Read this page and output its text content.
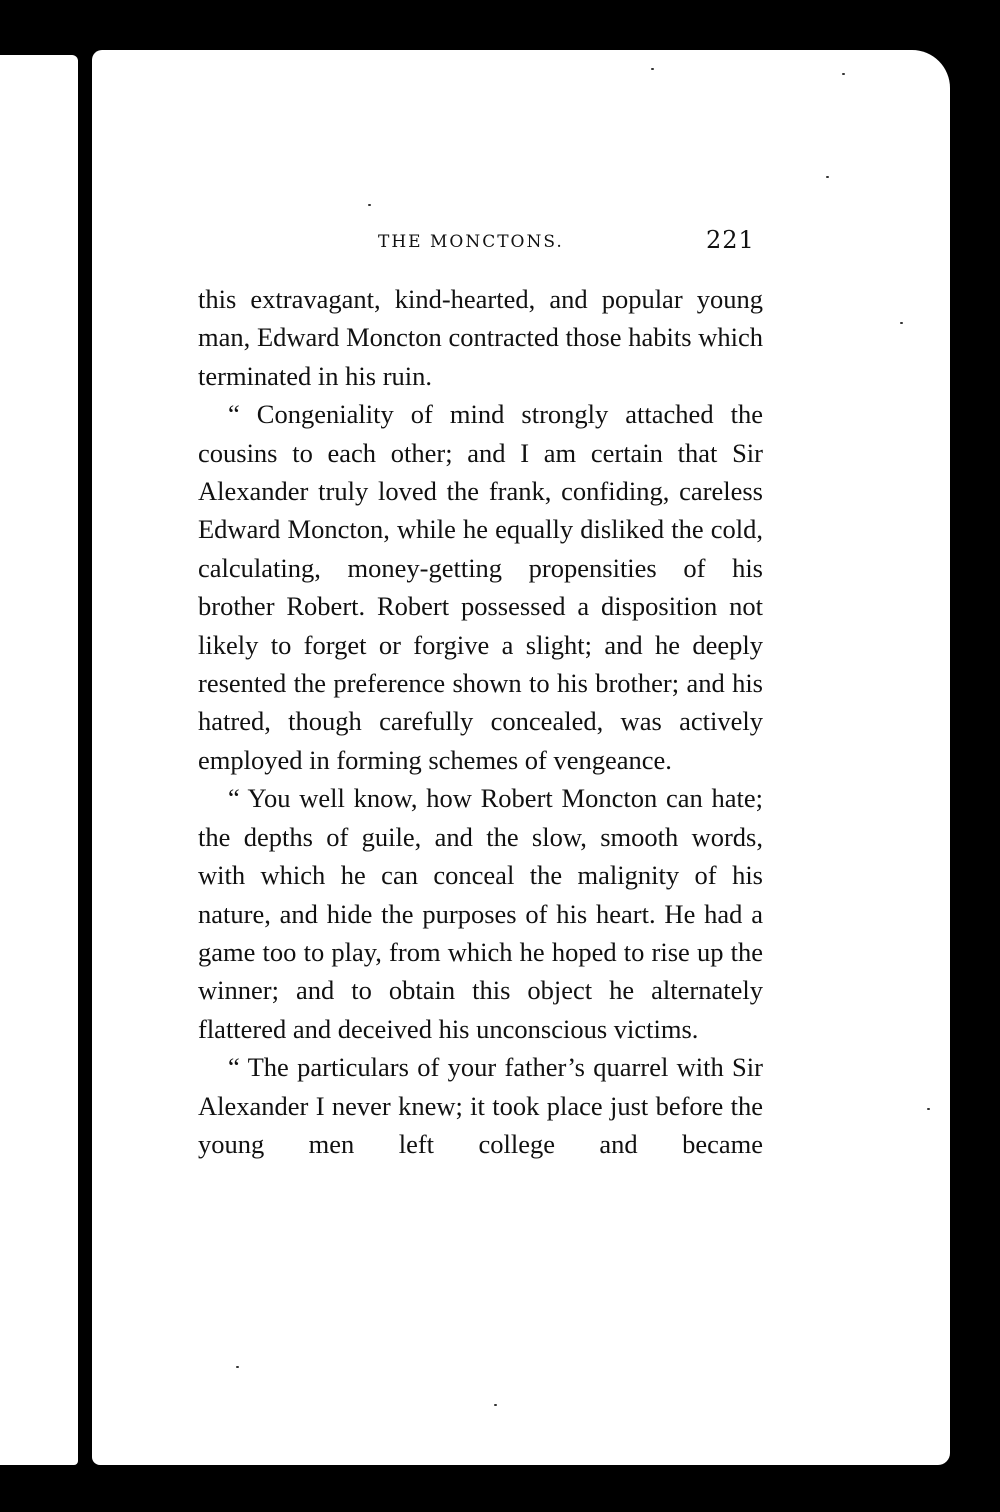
THE MONCTONS.	221

this extravagant, kind-hearted, and popular young man, Edward Moncton contracted those habits which terminated in his ruin.

“ Congeniality of mind strongly attached the cousins to each other; and I am certain that Sir Alexander truly loved the frank, confiding, careless Edward Moncton, while he equally disliked the cold, calculating, money-getting propensities of his brother Robert. Robert possessed a disposition not likely to forget or forgive a slight; and he deeply resented the preference shown to his brother; and his hatred, though carefully concealed, was actively employed in forming schemes of vengeance.

“ You well know, how Robert Moncton can hate; the depths of guile, and the slow, smooth words, with which he can conceal the malignity of his nature, and hide the purposes of his heart. He had a game too to play, from which he hoped to rise up the winner; and to obtain this object he alternately flattered and deceived his unconscious victims.

“ The particulars of your father’s quarrel with Sir Alexander I never knew; it took place just before the young men left college and became
